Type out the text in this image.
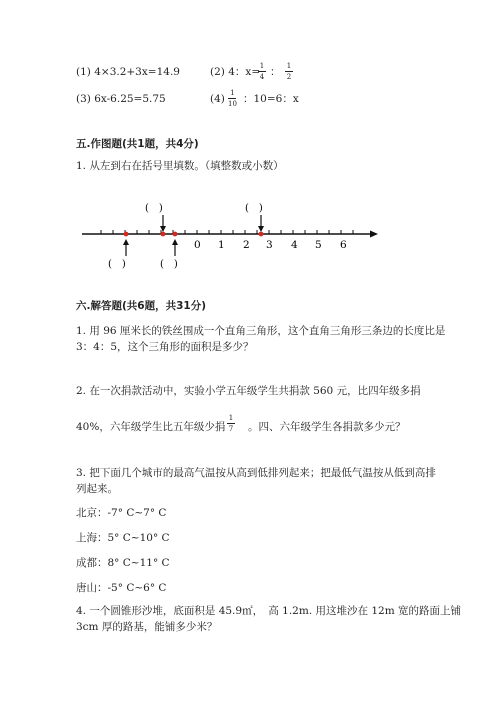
(1) 4×3.2+3x=14.9	(2) 4：x= 1
4 ： 1
2
(3) 6x-6.25=5.75	(4) 1
10 ：10=6：x
五.作图题(共1题，共4分)
1. 从左到右在括号里填数。（填整数或小数）
(　)	(　)
0 1 2 3 4 5 6
(　)	(　)
六.解答题(共6题，共31分)
1. 用 96 厘米长的铁丝围成一个直角三角形，这个直角三角形三条边的长度比是
3：4：5，这个三角形的面积是多少？
2. 在一次捐款活动中，实验小学五年级学生共捐款 560 元，比四年级多捐
40%，六年级学生比五年级少捐
1
7 。四、六年级学生各捐款多少元？
3. 把下面几个城市的最高气温按从高到低排列起来；把最低气温按从低到高排
列起来。
北京：-7° C~7° C
上海：5° C~10° C
成都：8° C~11° C
唐山：-5° C~6° C
4. 一个圆锥形沙堆，底面积是 45.9㎡，　高 1.2m. 用这堆沙在 12m 宽的路面上铺
3cm 厚的路基，能铺多少米？
